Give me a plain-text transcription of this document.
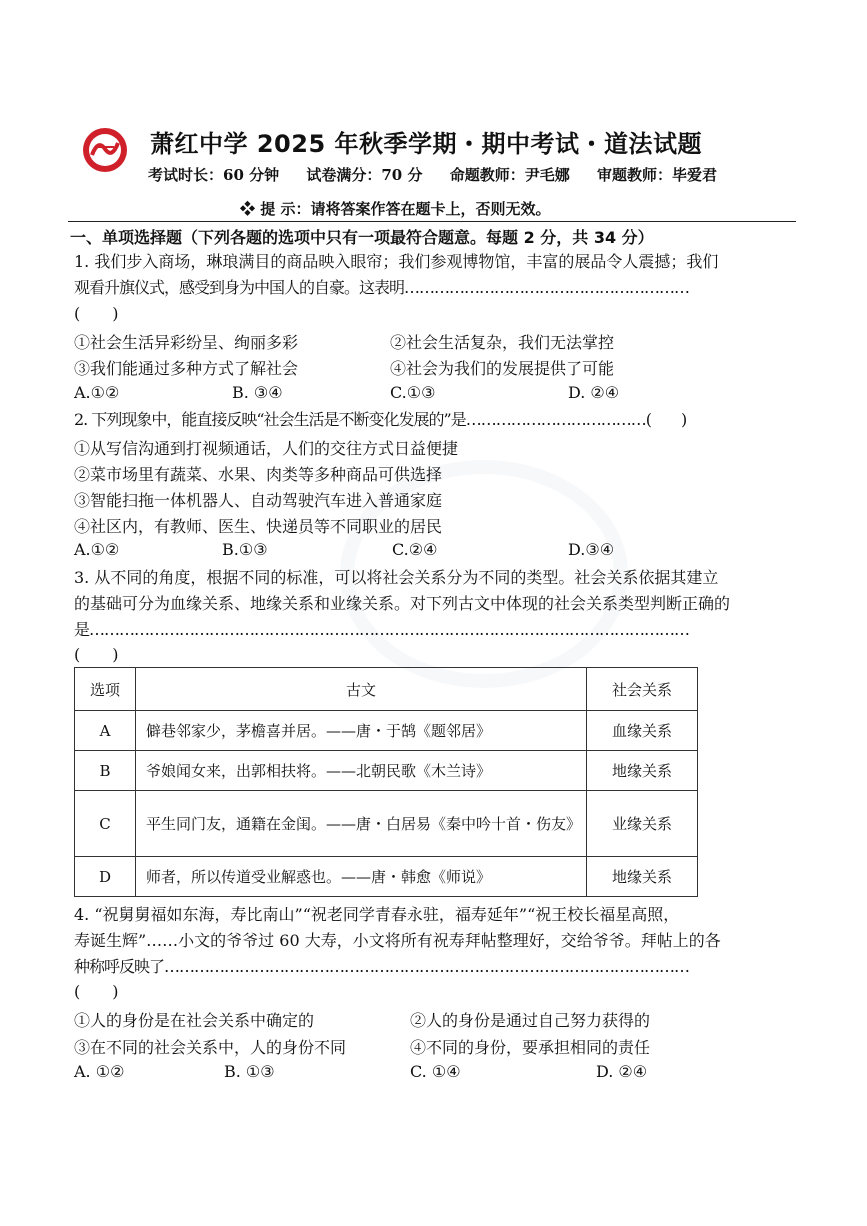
萧红中学 2025 年秋季学期・期中考试・道法试题
考试时长：60 分钟 试卷满分：70 分 命题教师：尹毛娜 审题教师：毕爱君
❖ 提 示：请将答案作答在题卡上，否则无效。
一、单项选择题（下列各题的选项中只有一项最符合题意。每题 2 分，共 34 分）
1. 我们步入商场，琳琅满目的商品映入眼帘；我们参观博物馆，丰富的展品令人震撼；我们
观看升旗仪式，感受到身为中国人的自豪。这表明…………………………………………………
(　　)
①社会生活异彩纷呈、绚丽多彩	②社会生活复杂，我们无法掌控
③我们能通过多种方式了解社会	④社会为我们的发展提供了可能
A.①②	B. ③④	C.①③	D. ②④
2. 下列现象中，能直接反映“社会生活是不断变化发展的”是………………………………(　　)
①从写信沟通到打视频通话，人们的交往方式日益便捷
②菜市场里有蔬菜、水果、肉类等多种商品可供选择
③智能扫拖一体机器人、自动驾驶汽车进入普通家庭
④社区内，有教师、医生、快递员等不同职业的居民
A.①②	B.①③	C.②④	D.③④
3. 从不同的角度，根据不同的标准，可以将社会关系分为不同的类型。社会关系依据其建立
的基础可分为血缘关系、地缘关系和业缘关系。对下列古文中体现的社会关系类型判断正确的
是…………………………………………………………………………………………………………
(　　)
选项	古文	社会关系
A	僻巷邻家少，茅檐喜并居。——唐・于鹄《题邻居》	血缘关系
B	爷娘闻女来，出郭相扶将。——北朝民歌《木兰诗》	地缘关系
C	平生同门友，通籍在金闺。——唐・白居易《秦中吟十首・伤友》	业缘关系
D	师者，所以传道受业解惑也。——唐・韩愈《师说》	地缘关系
4. “祝舅舅福如东海，寿比南山”“祝老同学青春永驻，福寿延年”“祝王校长福星高照，
寿诞生辉”……小文的爷爷过 60 大寿，小文将所有祝寿拜帖整理好，交给爷爷。拜帖上的各
种称呼反映了……………………………………………………………………………………………
(　　)
①人的身份是在社会关系中确定的	②人的身份是通过自己努力获得的
③在不同的社会关系中，人的身份不同	④不同的身份，要承担相同的责任
A. ①②	B. ①③	C. ①④	D. ②④
